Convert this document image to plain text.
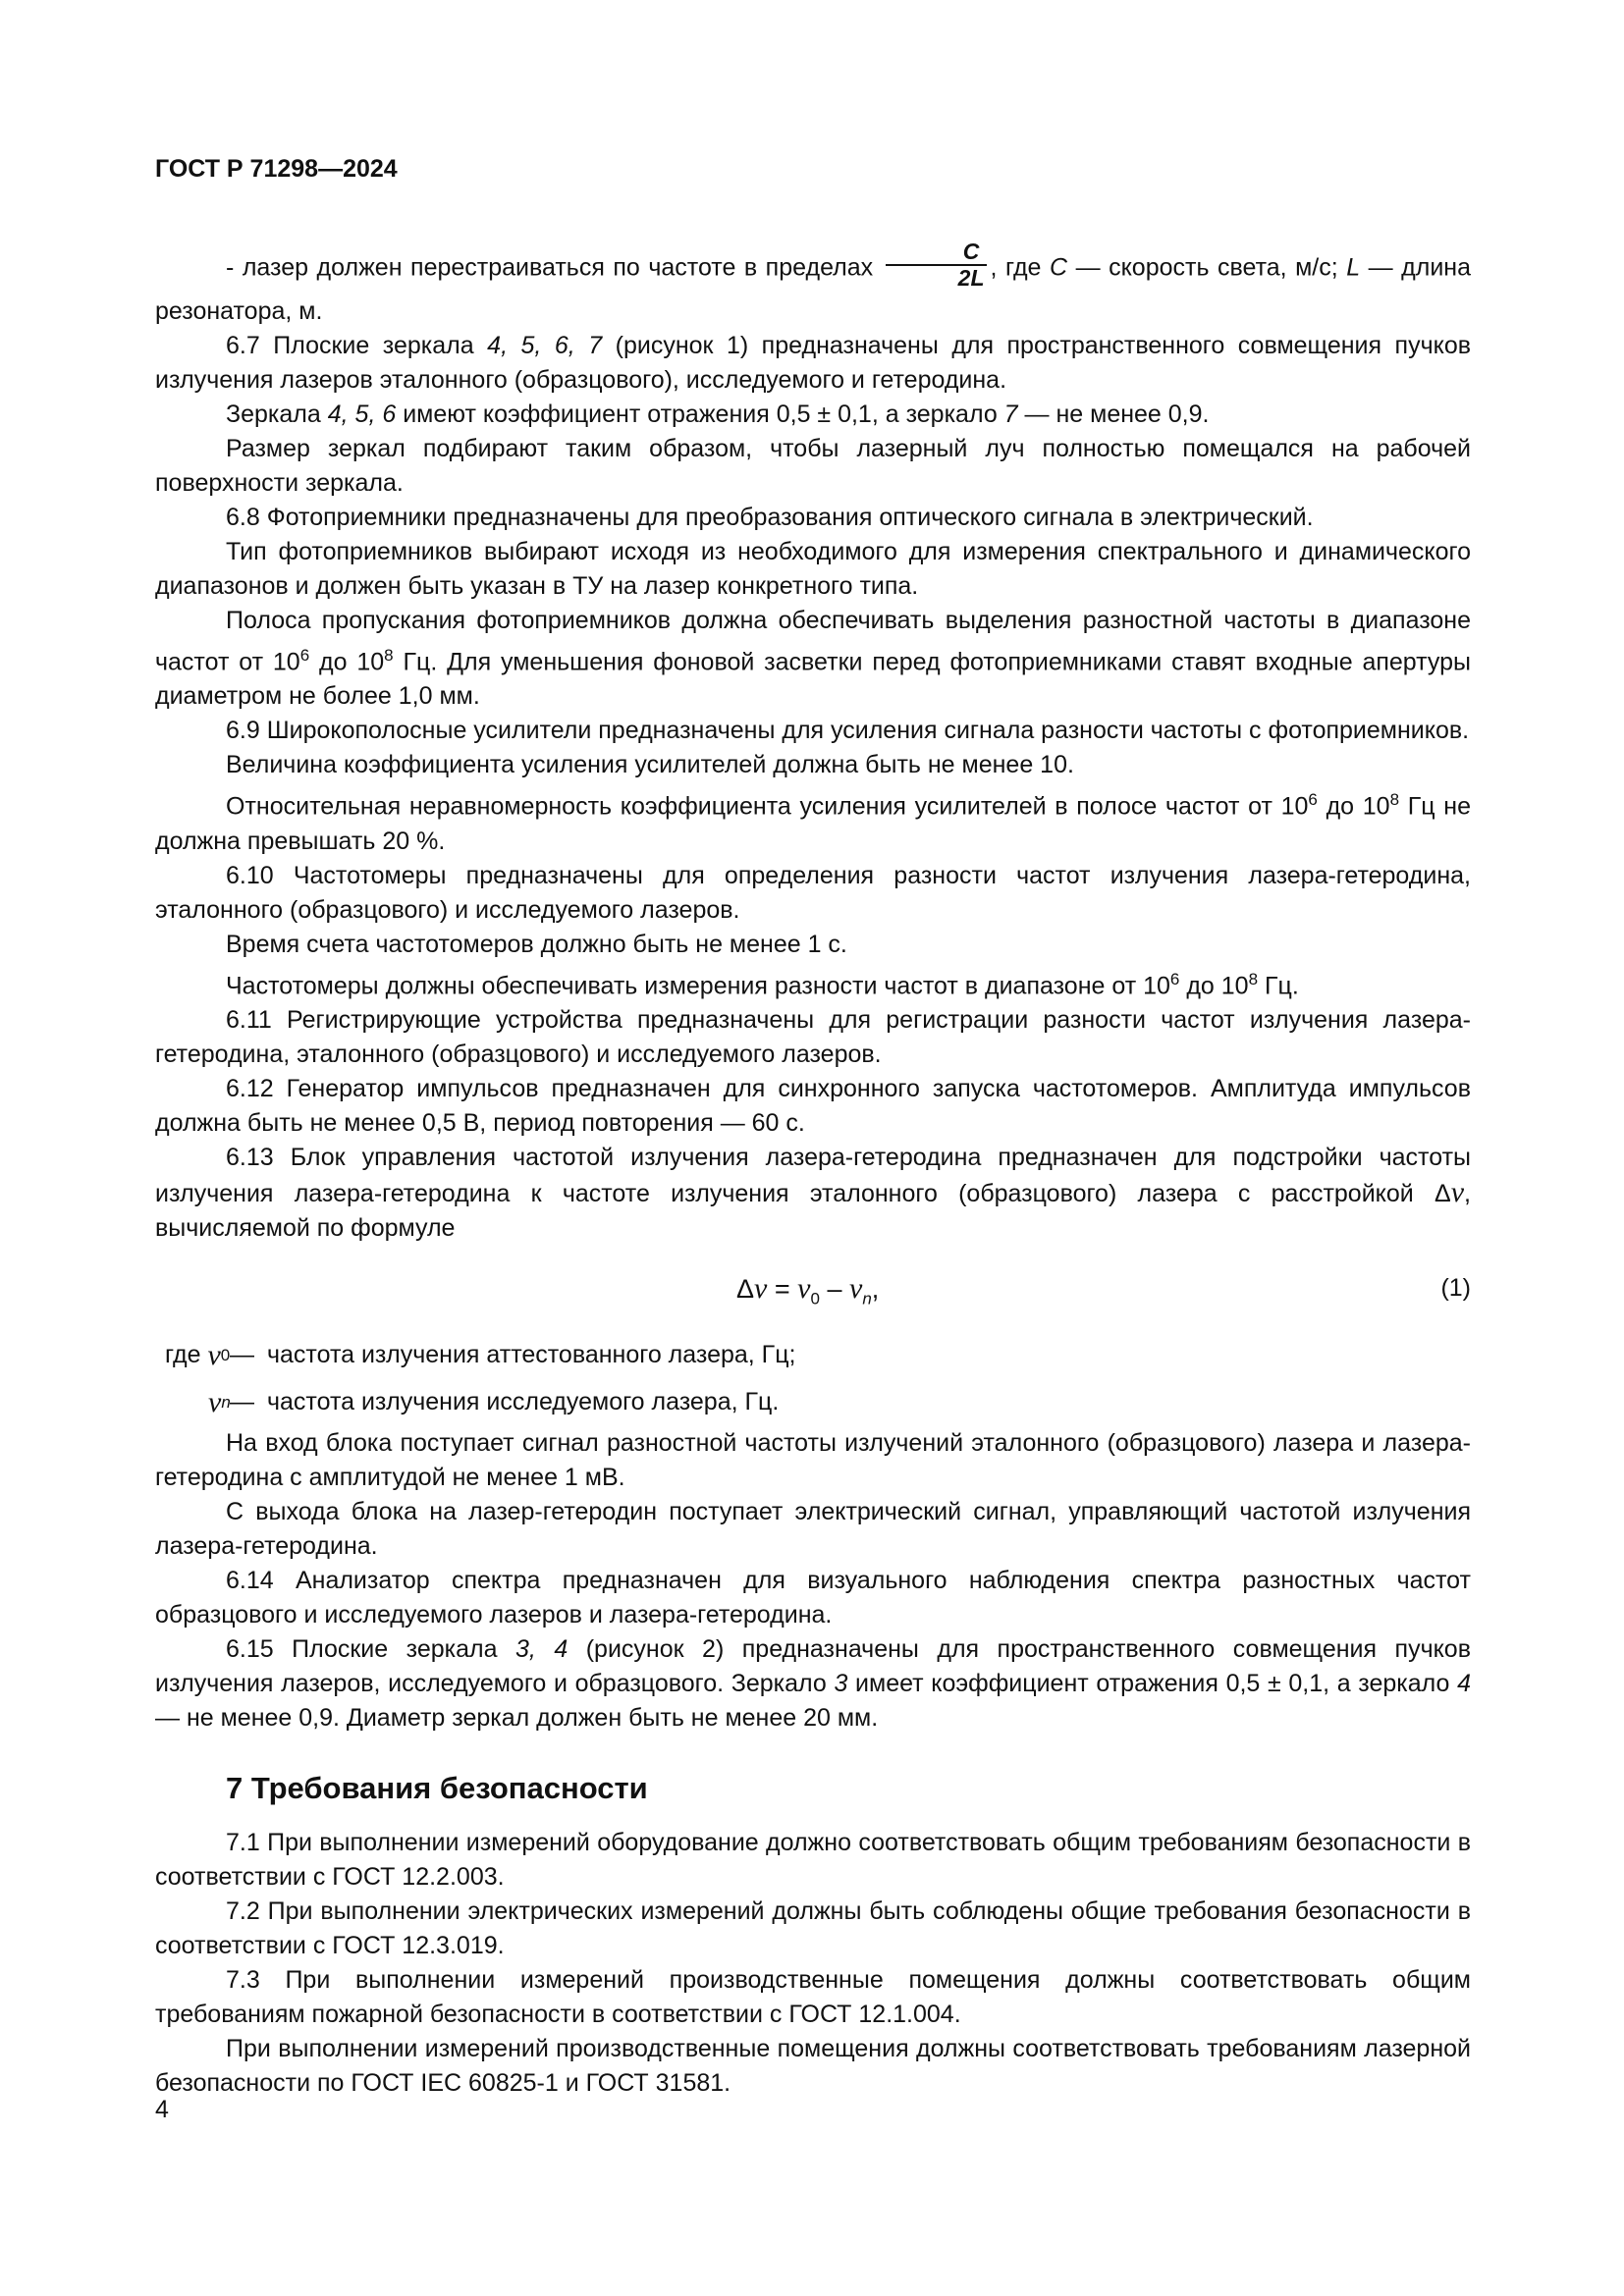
ГОСТ Р 71298—2024

- лазер должен перестраиваться по частоте в пределах $\frac{C}{2L}$ , где C — скорость света, м/с; L — длина резонатора, м.

6.7 Плоские зеркала 4, 5, 6, 7 (рисунок 1) предназначены для пространственного совмещения пучков излучения лазеров эталонного (образцового), исследуемого и гетеродина.

Зеркала 4, 5, 6 имеют коэффициент отражения 0,5 ± 0,1, а зеркало 7 — не менее 0,9.

Размер зеркал подбирают таким образом, чтобы лазерный луч полностью помещался на рабочей поверхности зеркала.

6.8 Фотоприемники предназначены для преобразования оптического сигнала в электрический.

Тип фотоприемников выбирают исходя из необходимого для измерения спектрального и динамического диапазонов и должен быть указан в ТУ на лазер конкретного типа.

Полоса пропускания фотоприемников должна обеспечивать выделения разностной частоты в диапазоне частот от $10^6$ до $10^8$ Гц. Для уменьшения фоновой засветки перед фотоприемниками ставят входные апертуры диаметром не более 1,0 мм.

6.9 Широкополосные усилители предназначены для усиления сигнала разности частоты с фотоприемников.

Величина коэффициента усиления усилителей должна быть не менее 10.

Относительная неравномерность коэффициента усиления усилителей в полосе частот от $10^6$ до $10^8$ Гц не должна превышать 20 %.

6.10 Частотомеры предназначены для определения разности частот излучения лазера-гетеродина, эталонного (образцового) и исследуемого лазеров.

Время счета частотомеров должно быть не менее 1 с.

Частотомеры должны обеспечивать измерения разности частот в диапазоне от $10^6$ до $10^8$ Гц.

6.11 Регистрирующие устройства предназначены для регистрации разности частот излучения лазера-гетеродина, эталонного (образцового) и исследуемого лазеров.

6.12 Генератор импульсов предназначен для синхронного запуска частотомеров. Амплитуда импульсов должна быть не менее 0,5 В, период повторения — 60 с.

6.13 Блок управления частотой излучения лазера-гетеродина предназначен для подстройки частоты излучения лазера-гетеродина к частоте излучения эталонного (образцового) лазера с расстройкой Δν, вычисляемой по формуле

$\Delta\nu = \nu_0 - \nu_n$,	(1)
где
ν 0 — частота излучения аттестованного лазера, Гц;
ν n — частота излучения исследуемого лазера, Гц.

На вход блока поступает сигнал разностной частоты излучений эталонного (образцового) лазера и лазера-гетеродина с амплитудой не менее 1 мВ.

С выхода блока на лазер-гетеродин поступает электрический сигнал, управляющий частотой излучения лазера-гетеродина.

6.14 Анализатор спектра предназначен для визуального наблюдения спектра разностных частот образцового и исследуемого лазеров и лазера-гетеродина.

6.15 Плоские зеркала 3, 4 (рисунок 2) предназначены для пространственного совмещения пучков излучения лазеров, исследуемого и образцового. Зеркало 3 имеет коэффициент отражения 0,5 ± 0,1, а зеркало 4 — не менее 0,9. Диаметр зеркал должен быть не менее 20 мм.

7 Требования безопасности

7.1 При выполнении измерений оборудование должно соответствовать общим требованиям безопасности в соответствии с ГОСТ 12.2.003.

7.2 При выполнении электрических измерений должны быть соблюдены общие требования безопасности в соответствии с ГОСТ 12.3.019.

7.3 При выполнении измерений производственные помещения должны соответствовать общим требованиям пожарной безопасности в соответствии с ГОСТ 12.1.004.

При выполнении измерений производственные помещения должны соответствовать требованиям лазерной безопасности по ГОСТ IEC 60825-1 и ГОСТ 31581.

4
